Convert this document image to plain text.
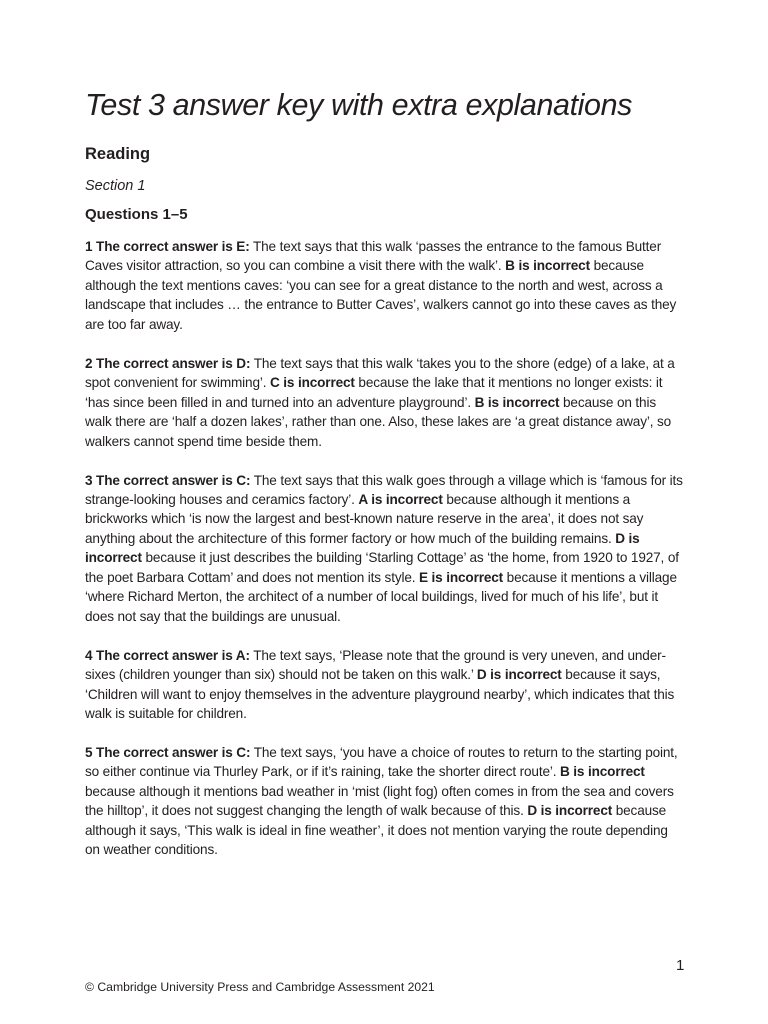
Test 3 answer key with extra explanations
Reading

Section 1

Questions 1–5

1 The correct answer is E: The text says that this walk ‘passes the entrance to the famous Butter Caves visitor attraction, so you can combine a visit there with the walk’. B is incorrect because although the text mentions caves: ‘you can see for a great distance to the north and west, across a landscape that includes … the entrance to Butter Caves’, walkers cannot go into these caves as they are too far away.

2 The correct answer is D: The text says that this walk ‘takes you to the shore (edge) of a lake, at a spot convenient for swimming’. C is incorrect because the lake that it mentions no longer exists: it ‘has since been filled in and turned into an adventure playground’. B is incorrect because on this walk there are ‘half a dozen lakes’, rather than one. Also, these lakes are ‘a great distance away’, so walkers cannot spend time beside them.

3 The correct answer is C: The text says that this walk goes through a village which is ‘famous for its strange-looking houses and ceramics factory’. A is incorrect because although it mentions a brickworks which ‘is now the largest and best-known nature reserve in the area’, it does not say anything about the architecture of this former factory or how much of the building remains. D is incorrect because it just describes the building ‘Starling Cottage’ as ‘the home, from 1920 to 1927, of the poet Barbara Cottam’ and does not mention its style. E is incorrect because it mentions a village ‘where Richard Merton, the architect of a number of local buildings, lived for much of his life’, but it does not say that the buildings are unusual.

4 The correct answer is A: The text says, ‘Please note that the ground is very uneven, and under-sixes (children younger than six) should not be taken on this walk.’ D is incorrect because it says, ‘Children will want to enjoy themselves in the adventure playground nearby’, which indicates that this walk is suitable for children.

5 The correct answer is C: The text says, ‘you have a choice of routes to return to the starting point, so either continue via Thurley Park, or if it’s raining, take the shorter direct route’. B is incorrect because although it mentions bad weather in ‘mist (light fog) often comes in from the sea and covers the hilltop’, it does not suggest changing the length of walk because of this. D is incorrect because although it says, ‘This walk is ideal in fine weather’, it does not mention varying the route depending on weather conditions.

1
© Cambridge University Press and Cambridge Assessment 2021
